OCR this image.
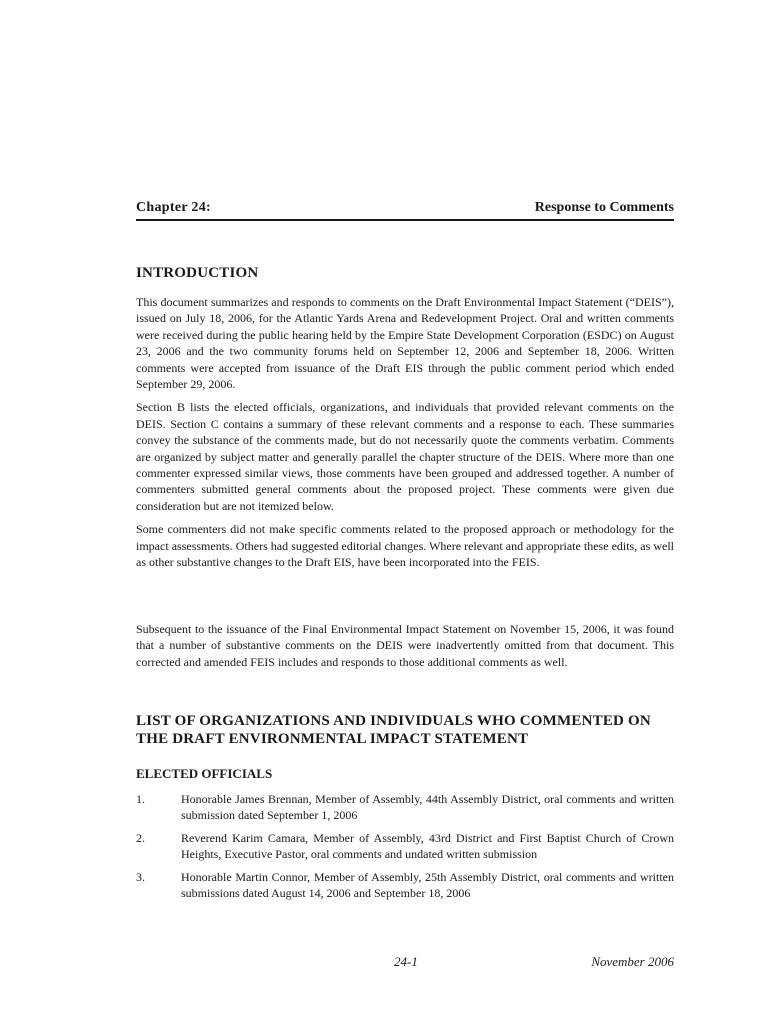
Chapter 24:	Response to Comments
INTRODUCTION

This document summarizes and responds to comments on the Draft Environmental Impact Statement (“DEIS”), issued on July 18, 2006, for the Atlantic Yards Arena and Redevelopment Project. Oral and written comments were received during the public hearing held by the Empire State Development Corporation (ESDC) on August 23, 2006 and the two community forums held on September 12, 2006 and September 18, 2006. Written comments were accepted from issuance of the Draft EIS through the public comment period which ended September 29, 2006.

Section B lists the elected officials, organizations, and individuals that provided relevant comments on the DEIS. Section C contains a summary of these relevant comments and a response to each. These summaries convey the substance of the comments made, but do not necessarily quote the comments verbatim. Comments are organized by subject matter and generally parallel the chapter structure of the DEIS. Where more than one commenter expressed similar views, those comments have been grouped and addressed together. A number of commenters submitted general comments about the proposed project. These comments were given due consideration but are not itemized below.

Some commenters did not make specific comments related to the proposed approach or methodology for the impact assessments. Others had suggested editorial changes. Where relevant and appropriate these edits, as well as other substantive changes to the Draft EIS, have been incorporated into the FEIS.

Subsequent to the issuance of the Final Environmental Impact Statement on November 15, 2006, it was found that a number of substantive comments on the DEIS were inadvertently omitted from that document. This corrected and amended FEIS includes and responds to those additional comments as well.

LIST OF ORGANIZATIONS AND INDIVIDUALS WHO COMMENTED ON THE DRAFT ENVIRONMENTAL IMPACT STATEMENT
ELECTED OFFICIALS
1.	Honorable James Brennan, Member of Assembly, 44th Assembly District, oral comments and written submission dated September 1, 2006
2.	Reverend Karim Camara, Member of Assembly, 43rd District and First Baptist Church of Crown Heights, Executive Pastor, oral comments and undated written submission
3.	Honorable Martin Connor, Member of Assembly, 25th Assembly District, oral comments and written submissions dated August 14, 2006 and September 18, 2006
24-1	November 2006
